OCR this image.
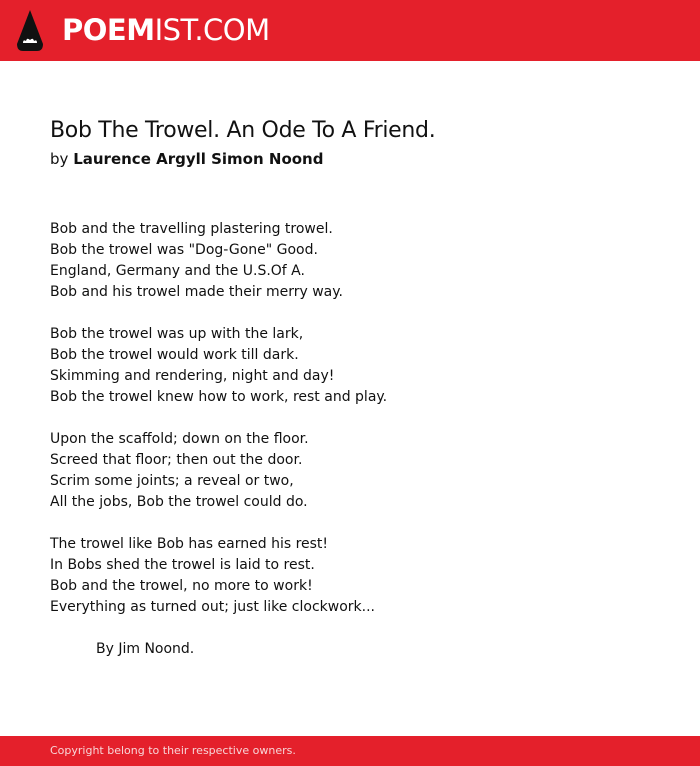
POEMIST.COM
Bob The Trowel. An Ode To A Friend.
by Laurence Argyll Simon Noond
Bob and the travelling plastering trowel.
Bob the trowel was "Dog-Gone" Good.
England, Germany and the U.S.Of A.
Bob and his trowel made their merry way.
Bob the trowel was up with the lark,
Bob the trowel would work till dark.
Skimming and rendering, night and day!
Bob the trowel knew how to work, rest and play.
Upon the scaffold; down on the floor.
Screed that floor; then out the door.
Scrim some joints; a reveal or two,
All the jobs, Bob the trowel could do.
The trowel like Bob has earned his rest!
In Bobs shed the trowel is laid to rest.
Bob and the trowel, no more to work!
Everything as turned out; just like clockwork...
By Jim Noond.
Copyright belong to their respective owners.
